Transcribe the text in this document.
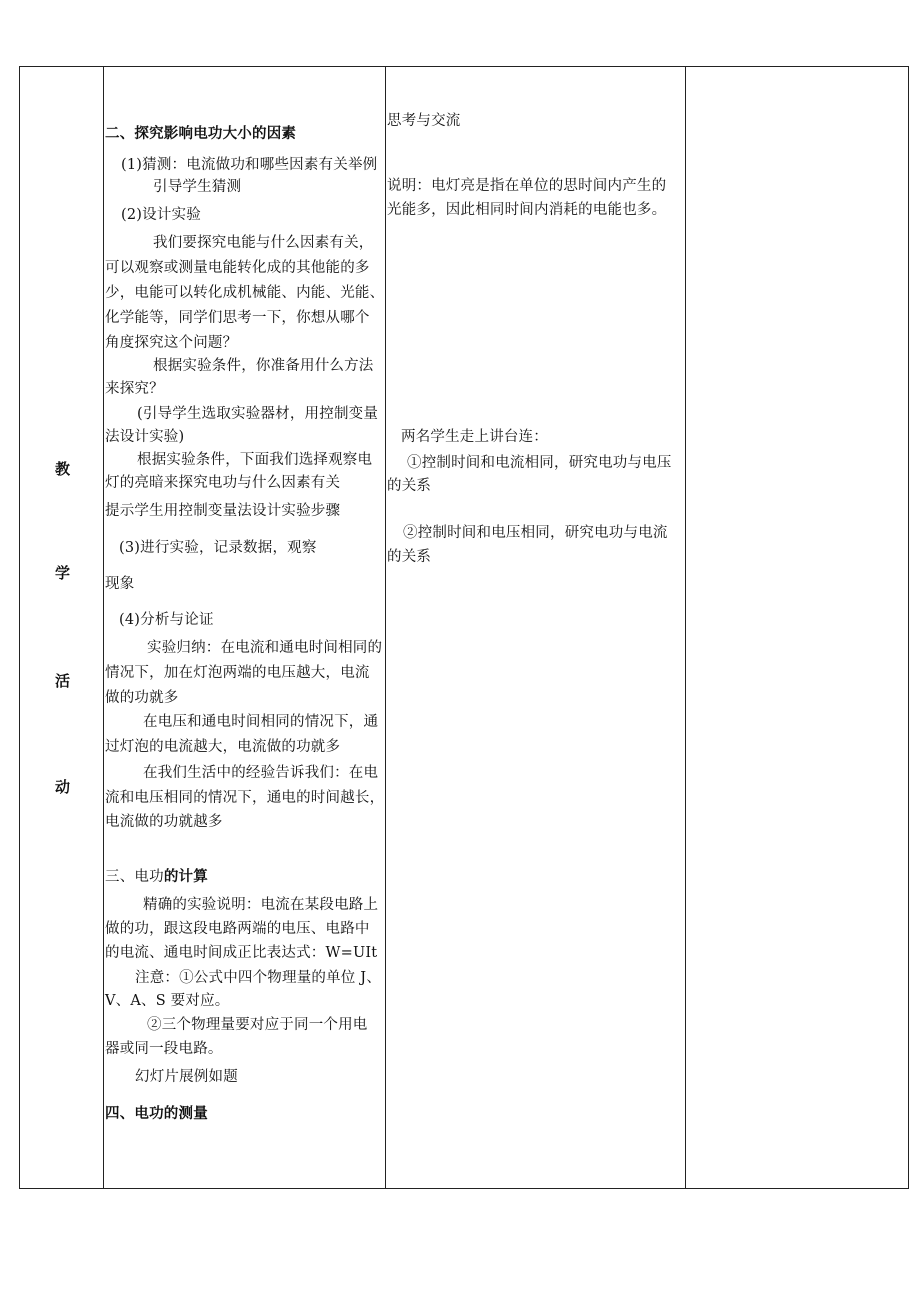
教
学
活
动
二、探究影响电功大小的因素
(1)猜测：电流做功和哪些因素有关举例
引导学生猜测
(2)设计实验
我们要探究电能与什么因素有关，
可以观察或测量电能转化成的其他能的多
少，电能可以转化成机械能、内能、光能、
化学能等，同学们思考一下，你想从哪个
角度探究这个问题？
根据实验条件，你准备用什么方法
来探究？
(引导学生选取实验器材，用控制变量
法设计实验)
根据实验条件，下面我们选择观察电
灯的亮暗来探究电功与什么因素有关
提示学生用控制变量法设计实验步骤
(3)进行实验，记录数据，观察
现象
(4)分析与论证
实验归纳：在电流和通电时间相同的
情况下，加在灯泡两端的电压越大，电流
做的功就多
在电压和通电时间相同的情况下，通
过灯泡的电流越大，电流做的功就多
在我们生活中的经验告诉我们：在电
流和电压相同的情况下，通电的时间越长，
电流做的功就越多
三、电功的计算
精确的实验说明：电流在某段电路上
做的功，跟这段电路两端的电压、电路中
的电流、通电时间成正比表达式：W=UIt
注意：①公式中四个物理量的单位 J、
V、A、S 要对应。
②三个物理量要对应于同一个用电
器或同一段电路。
幻灯片展例如题
四、电功的测量
思考与交流
说明：电灯亮是指在单位的思时间内产生的
光能多，因此相同时间内消耗的电能也多。
两名学生走上讲台连：
①控制时间和电流相同，研究电功与电压
的关系
②控制时间和电压相同，研究电功与电流
的关系
